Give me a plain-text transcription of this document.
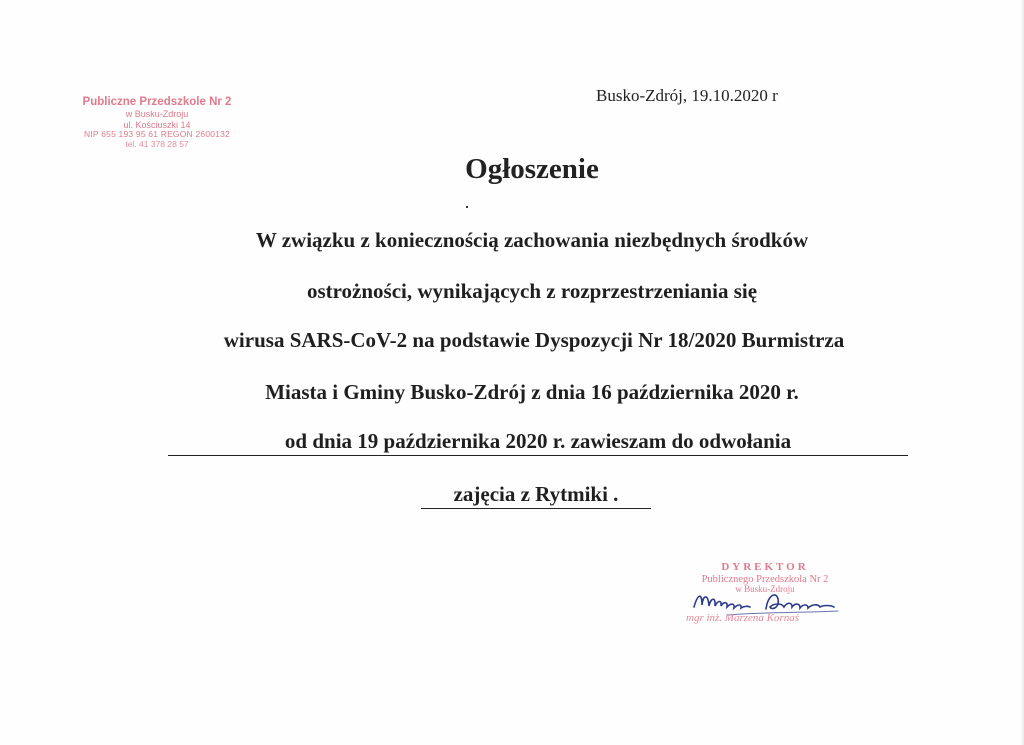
Publiczne Przedszkole Nr 2
w Busku-Zdroju
ul. Kościuszki 14
NIP 655 193 95 61 REGON 2600132
tel. 41 378 28 57
Busko-Zdrój, 19.10.2020 r
Ogłoszenie
W związku z koniecznością zachowania niezbędnych środków
ostrożności, wynikających z rozprzestrzeniania się
wirusa SARS-CoV-2 na podstawie Dyspozycji Nr 18/2020 Burmistrza
Miasta i Gminy Busko-Zdrój z dnia 16 października 2020 r.
od dnia 19 października 2020 r. zawieszam do odwołania
zajęcia z Rytmiki .
DYREKTOR
Publicznego Przedszkola Nr 2
w Busku-Zdroju
mgr inż. Marzena Kornaś
